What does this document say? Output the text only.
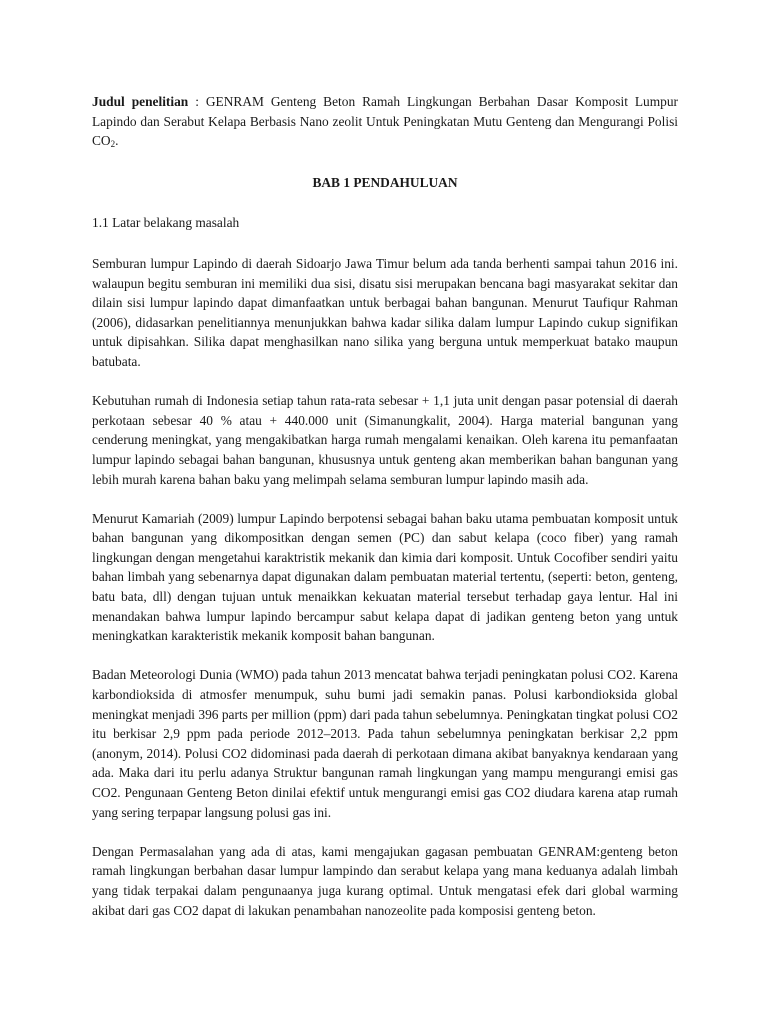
Judul penelitian : GENRAM Genteng Beton Ramah Lingkungan Berbahan Dasar Komposit Lumpur Lapindo dan Serabut Kelapa Berbasis Nano zeolit Untuk Peningkatan Mutu Genteng dan Mengurangi Polisi $CO_2$.

BAB 1 PENDAHULUAN

1.1 Latar belakang masalah

Semburan lumpur Lapindo di daerah Sidoarjo Jawa Timur belum ada tanda berhenti sampai tahun 2016 ini. walaupun begitu semburan ini memiliki dua sisi, disatu sisi merupakan bencana bagi masyarakat sekitar dan dilain sisi lumpur lapindo dapat dimanfaatkan untuk berbagai bahan bangunan. Menurut Taufiqur Rahman (2006), didasarkan penelitiannya menunjukkan bahwa kadar silika dalam lumpur Lapindo cukup signifikan untuk dipisahkan. Silika dapat menghasilkan nano silika yang berguna untuk memperkuat batako maupun batubata.

Kebutuhan rumah di Indonesia setiap tahun rata-rata sebesar + 1,1 juta unit dengan pasar potensial di daerah perkotaan sebesar 40 % atau + 440.000 unit (Simanungkalit, 2004). Harga material bangunan yang cenderung meningkat, yang mengakibatkan harga rumah mengalami kenaikan. Oleh karena itu pemanfaatan lumpur lapindo sebagai bahan bangunan, khususnya untuk genteng akan memberikan bahan bangunan yang lebih murah karena bahan baku yang melimpah selama semburan lumpur lapindo masih ada.

Menurut Kamariah (2009) lumpur Lapindo berpotensi sebagai bahan baku utama pembuatan komposit untuk bahan bangunan yang dikompositkan dengan semen (PC) dan sabut kelapa (coco fiber) yang ramah lingkungan dengan mengetahui karaktristik mekanik dan kimia dari komposit. Untuk Cocofiber sendiri yaitu bahan limbah yang sebenarnya dapat digunakan dalam pembuatan material tertentu, (seperti: beton, genteng, batu bata, dll) dengan tujuan untuk menaikkan kekuatan material tersebut terhadap gaya lentur. Hal ini menandakan bahwa lumpur lapindo bercampur sabut kelapa dapat di jadikan genteng beton yang untuk meningkatkan karakteristik mekanik komposit bahan bangunan.

Badan Meteorologi Dunia (WMO) pada tahun 2013 mencatat bahwa terjadi peningkatan polusi CO2. Karena karbondioksida di atmosfer menumpuk, suhu bumi jadi semakin panas. Polusi karbondioksida global meningkat menjadi 396 parts per million (ppm) dari pada tahun sebelumnya. Peningkatan tingkat polusi CO2 itu berkisar 2,9 ppm pada periode 2012–2013. Pada tahun sebelumnya peningkatan berkisar 2,2 ppm (anonym, 2014). Polusi CO2 didominasi pada daerah di perkotaan dimana akibat banyaknya kendaraan yang ada. Maka dari itu perlu adanya Struktur bangunan ramah lingkungan yang mampu mengurangi emisi gas CO2. Pengunaan Genteng Beton dinilai efektif untuk mengurangi emisi gas CO2 diudara karena atap rumah yang sering terpapar langsung polusi gas ini.

Dengan Permasalahan yang ada di atas, kami mengajukan gagasan pembuatan GENRAM:genteng beton ramah lingkungan berbahan dasar lumpur lampindo dan serabut kelapa yang mana keduanya adalah limbah yang tidak terpakai dalam pengunaanya juga kurang optimal. Untuk mengatasi efek dari global warming akibat dari gas CO2 dapat di lakukan penambahan nanozeolite pada komposisi genteng beton.
